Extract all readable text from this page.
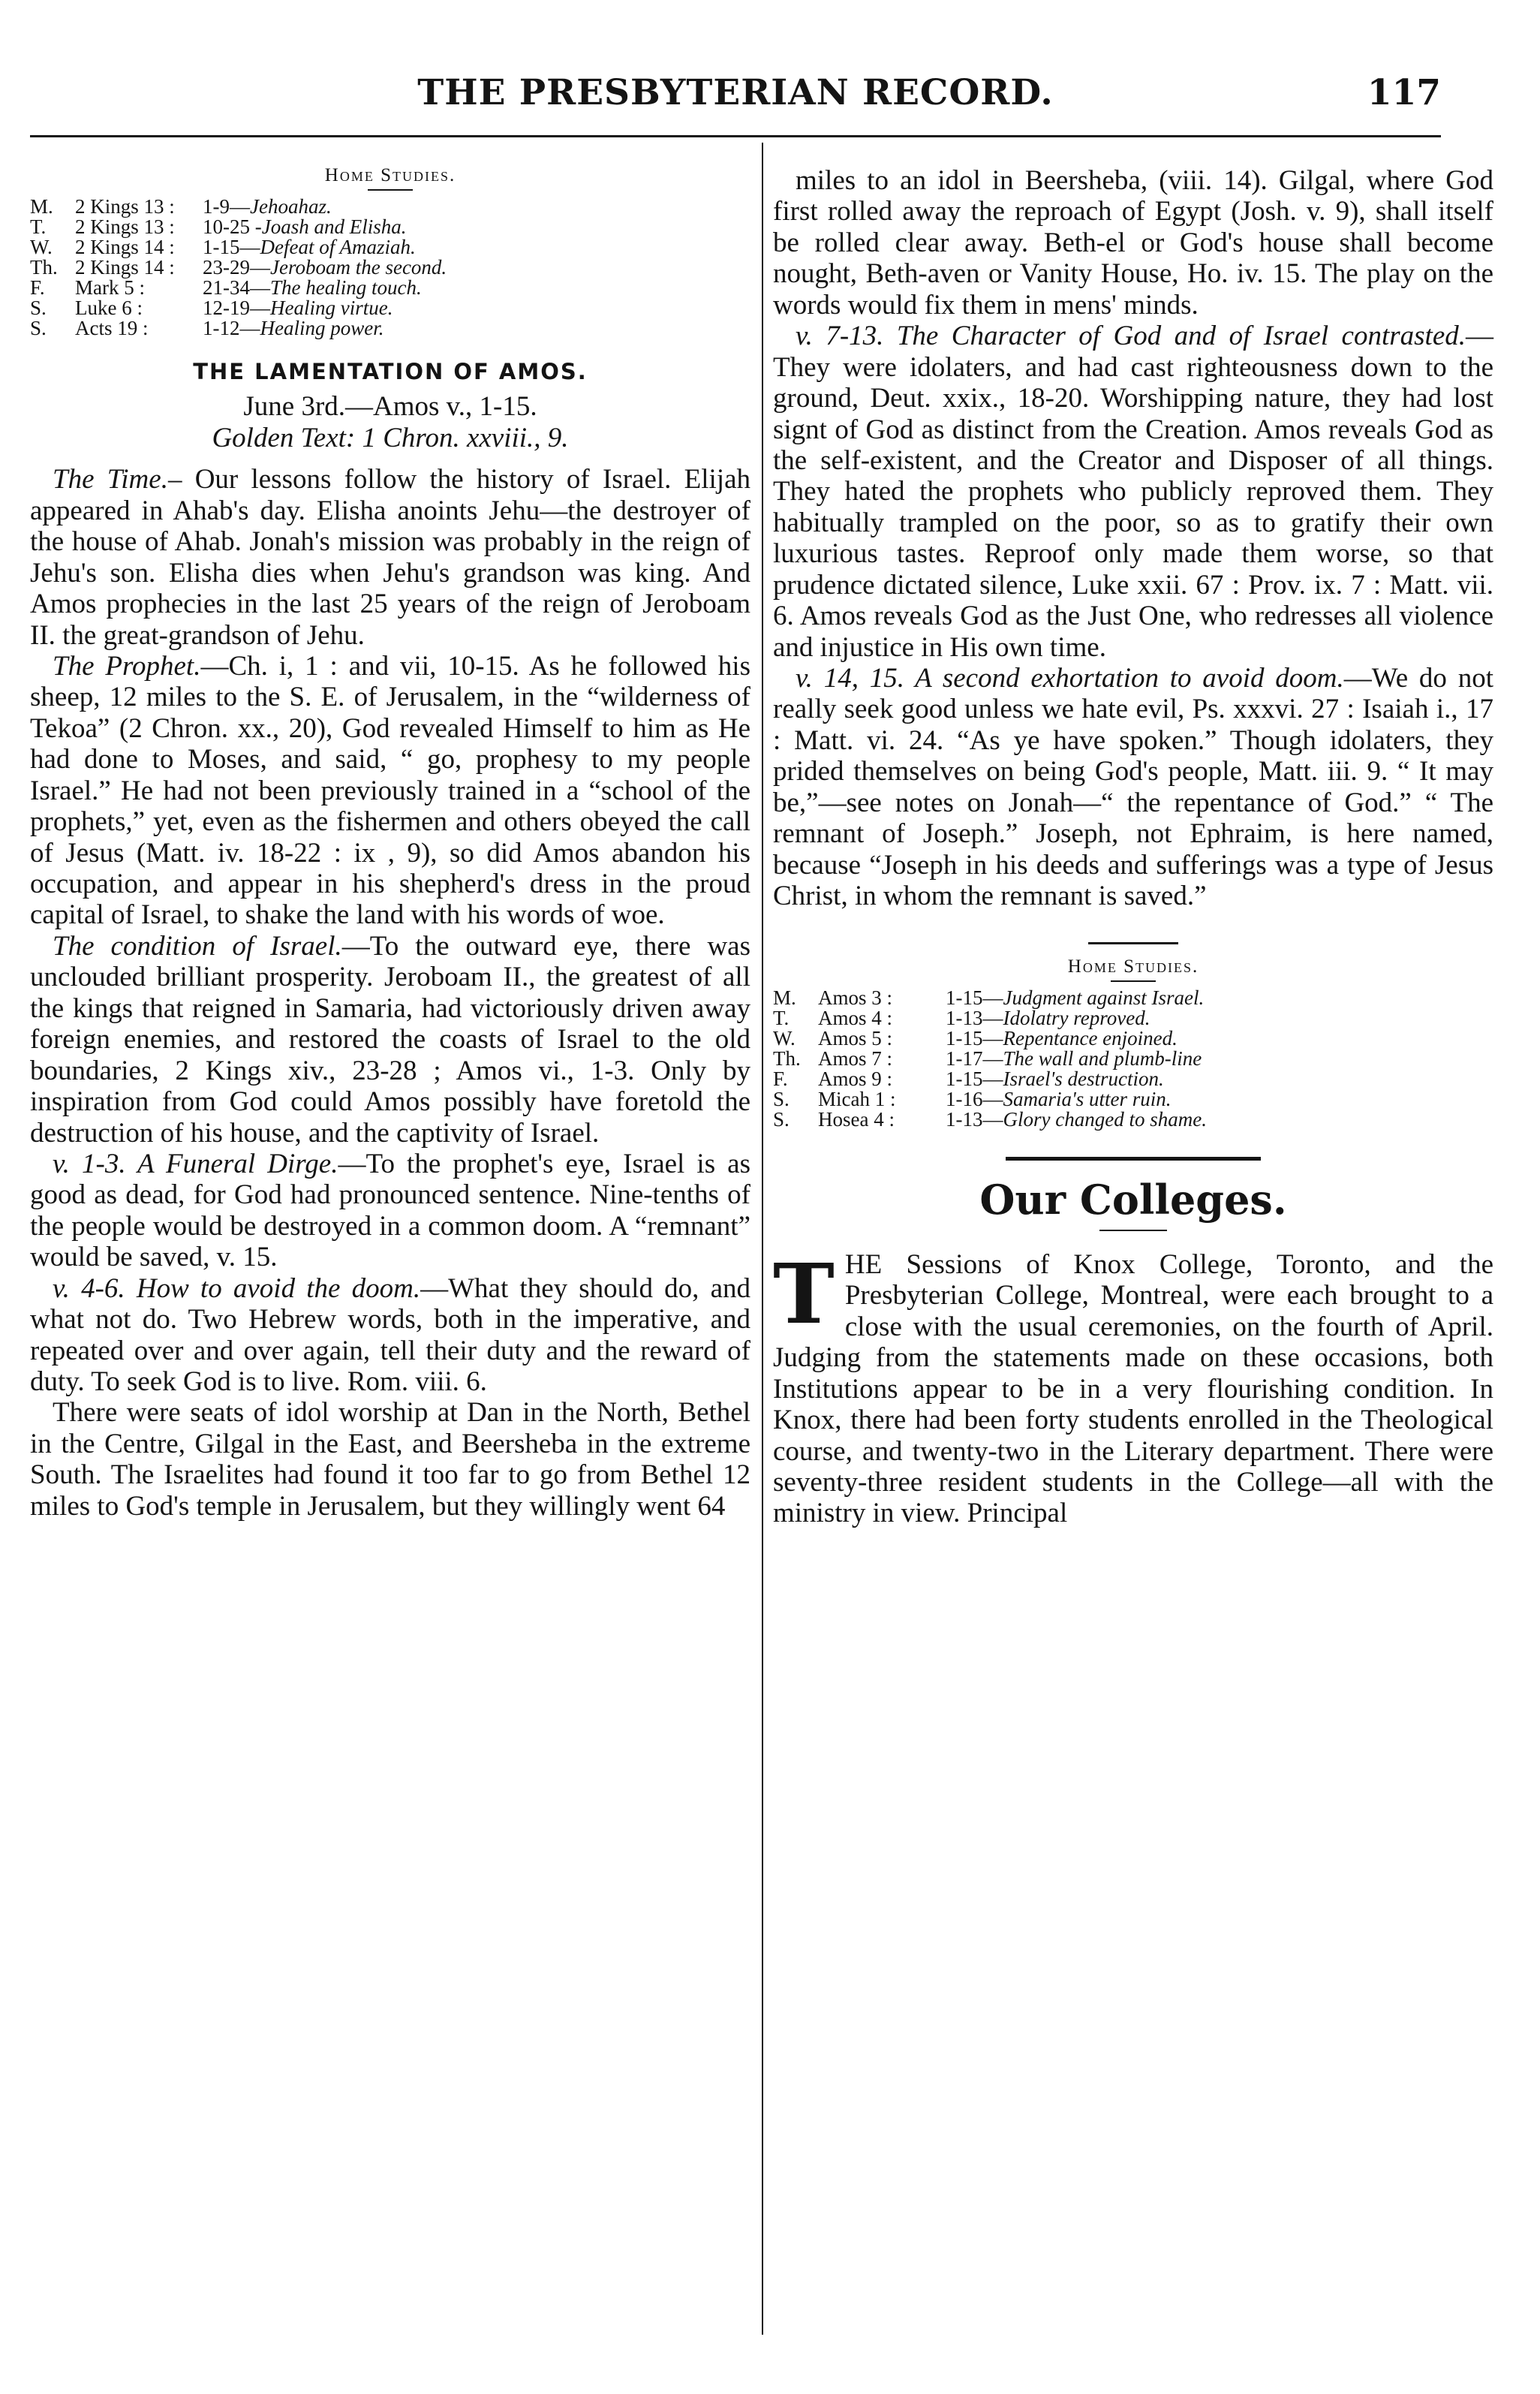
THE PRESBYTERIAN RECORD.	117
Home Studies.
M.	2 Kings 13 :	1-9— Jehoahaz.
T.	2 Kings 13 :	10-25 - Joash and Elisha.
W.	2 Kings 14 :	1-15— Defeat of Amaziah.
Th. 2 Kings 14 :	23-29— Jeroboam the second.
F.	Mark 5 :	21-34— The healing touch.
S.	Luke 6 :	12-19— Healing virtue.
S.	Acts 19 :	1-12— Healing power.
THE LAMENTATION OF AMOS.
June 3rd.—Amos v., 1-15.
Golden Text: 1 Chron. xxviii., 9.

The Time.– Our lessons follow the history of Israel. Elijah appeared in Ahab's day. Elisha anoints Jehu—the destroyer of the house of Ahab. Jonah's mission was probably in the reign of Jehu's son. Elisha dies when Jehu's grandson was king. And Amos prophecies in the last 25 years of the reign of Jeroboam II. the great-grandson of Jehu.

The Prophet.—Ch. i, 1 : and vii, 10-15. As he followed his sheep, 12 miles to the S. E. of Jerusalem, in the “wilderness of Tekoa” (2 Chron. xx., 20), God revealed Himself to him as He had done to Moses, and said, “ go, prophesy to my people Israel.” He had not been previously trained in a “school of the prophets,” yet, even as the fishermen and others obeyed the call of Jesus (Matt. iv. 18-22 : ix , 9), so did Amos abandon his occupation, and appear in his shepherd's dress in the proud capital of Israel, to shake the land with his words of woe.

The condition of Israel.—To the outward eye, there was unclouded brilliant prosperity. Jeroboam II., the greatest of all the kings that reigned in Samaria, had victoriously driven away foreign enemies, and restored the coasts of Israel to the old boundaries, 2 Kings xiv., 23-28 ; Amos vi., 1-3. Only by inspiration from God could Amos possibly have foretold the destruction of his house, and the captivity of Israel.

v. 1-3. A Funeral Dirge.—To the prophet's eye, Israel is as good as dead, for God had pronounced sentence. Nine-tenths of the people would be destroyed in a common doom. A “remnant” would be saved, v. 15.

v. 4-6. How to avoid the doom.—What they should do, and what not do. Two Hebrew words, both in the imperative, and repeated over and over again, tell their duty and the reward of duty. To seek God is to live. Rom. viii. 6.

There were seats of idol worship at Dan in the North, Bethel in the Centre, Gilgal in the East, and Beersheba in the extreme South. The Israelites had found it too far to go from Bethel 12 miles to God's temple in Jerusalem, but they willingly went 64

miles to an idol in Beersheba, (viii. 14). Gilgal, where God first rolled away the reproach of Egypt (Josh. v. 9), shall itself be rolled clear away. Beth-el or God's house shall become nought, Beth-aven or Vanity House, Ho. iv. 15. The play on the words would fix them in mens' minds.

v. 7-13. The Character of God and of Israel contrasted.—They were idolaters, and had cast righteousness down to the ground, Deut. xxix., 18-20. Worshipping nature, they had lost signt of God as distinct from the Creation. Amos reveals God as the self-existent, and the Creator and Disposer of all things. They hated the prophets who publicly reproved them. They habitually trampled on the poor, so as to gratify their own luxurious tastes. Reproof only made them worse, so that prudence dictated silence, Luke xxii. 67 : Prov. ix. 7 : Matt. vii. 6. Amos reveals God as the Just One, who redresses all violence and injustice in His own time.

v. 14, 15. A second exhortation to avoid doom.—We do not really seek good unless we hate evil, Ps. xxxvi. 27 : Isaiah i., 17 : Matt. vi. 24. “As ye have spoken.” Though idolaters, they prided themselves on being God's people, Matt. iii. 9. “ It may be,”—see notes on Jonah—“ the repentance of God.” “ The remnant of Joseph.” Joseph, not Ephraim, is here named, because “Joseph in his deeds and sufferings was a type of Jesus Christ, in whom the remnant is saved.”

Home Studies.
M.	Amos 3 :	1-15— Judgment against Israel.
T.	Amos 4 :	1-13— Idolatry reproved.
W.	Amos 5 :	1-15— Repentance enjoined.
Th. Amos 7 :	1-17— The wall and plumb-line
F.	Amos 9 :	1-15— Israel's destruction.
S.	Micah 1 :	1-16— Samaria's utter ruin.
S.	Hosea 4 :	1-13— Glory changed to shame.
Our Colleges.

THE Sessions of Knox College, Toronto, and the Presbyterian College, Montreal, were each brought to a close with the usual ceremonies, on the fourth of April. Judging from the statements made on these occasions, both Institutions appear to be in a very flourishing condition. In Knox, there had been forty students enrolled in the Theological course, and twenty-two in the Literary department. There were seventy-three resident students in the College—all with the ministry in view. Principal
